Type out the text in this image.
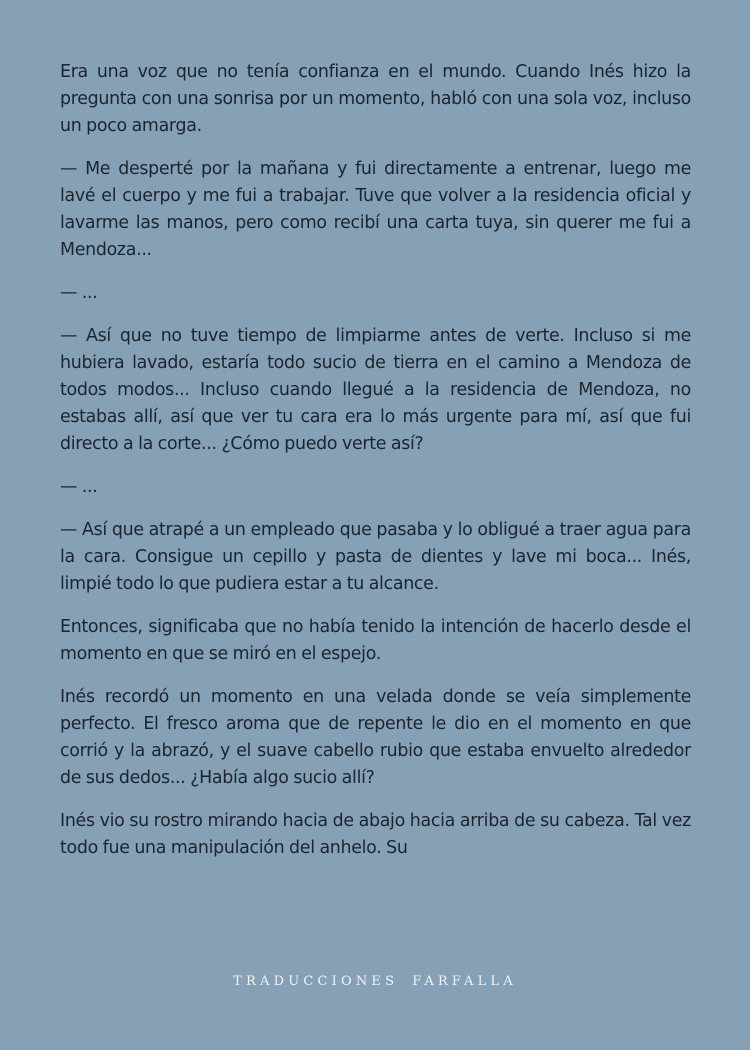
Era una voz que no tenía confianza en el mundo. Cuando Inés hizo la pregunta con una sonrisa por un momento, habló con una sola voz, incluso un poco amarga.

— Me desperté por la mañana y fui directamente a entrenar, luego me lavé el cuerpo y me fui a trabajar. Tuve que volver a la residencia oficial y lavarme las manos, pero como recibí una carta tuya, sin querer me fui a Mendoza...

— ...

— Así que no tuve tiempo de limpiarme antes de verte. Incluso si me hubiera lavado, estaría todo sucio de tierra en el camino a Mendoza de todos modos... Incluso cuando llegué a la residencia de Mendoza, no estabas allí, así que ver tu cara era lo más urgente para mí, así que fui directo a la corte... ¿Cómo puedo verte así?

— ...

— Así que atrapé a un empleado que pasaba y lo obligué a traer agua para la cara. Consigue un cepillo y pasta de dientes y lave mi boca... Inés, limpié todo lo que pudiera estar a tu alcance.

Entonces, significaba que no había tenido la intención de hacerlo desde el momento en que se miró en el espejo.

Inés recordó un momento en una velada donde se veía simplemente perfecto. El fresco aroma que de repente le dio en el momento en que corrió y la abrazó, y el suave cabello rubio que estaba envuelto alrededor de sus dedos... ¿Había algo sucio allí?

Inés vio su rostro mirando hacia de abajo hacia arriba de su cabeza. Tal vez todo fue una manipulación del anhelo. Su

TRADUCCIONES FARFALLA
